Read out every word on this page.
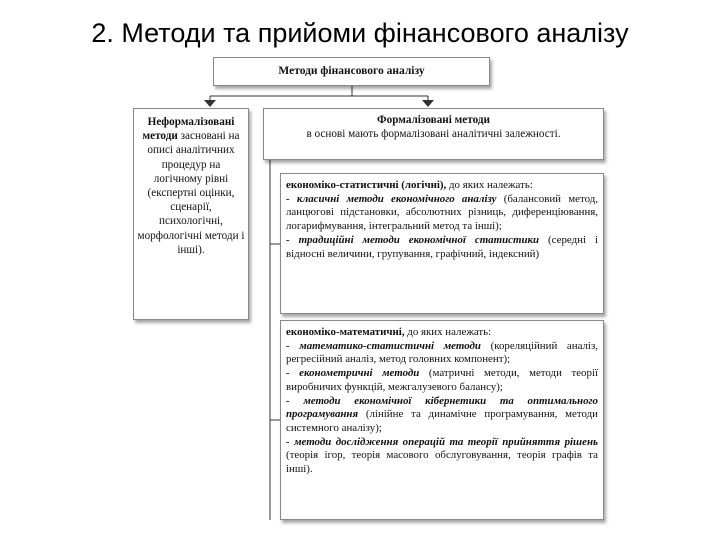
2. Методи та прийоми фінансового аналізу
Методи фінансового аналізу
Неформалізовані методи засновані на описі аналітичних процедур на логічному рівні (експертні оцінки, сценарії, психологічні, морфологічні методи і інші).
Формалізовані методи
в основі мають формалізовані аналітичні залежності.

економіко-статистичні (логічні), до яких належать:

- класичні методи економічного аналізу (балансовий метод, ланцюгові підстановки, абсолютних різниць, диференціювання, логарифмування, інтегральний метод та інші);

- традиційні методи економічної статистики (середні і відносні величини, групування, графічний, індексний)

економіко-математичні, до яких належать:

- математико-статистичні методи (кореляційний аналіз, регресійний аналіз, метод головних компонент);

- економетричні методи (матричні методи, методи теорії виробничих функцій, межгалузевого балансу);

- методи економічної кібернетики та оптимального програмування (лінійне та динамічне програмування, методи системного аналізу);

- методи дослідження операцій та теорії прийняття рішень (теорія ігор, теорія масового обслуговування, теорія графів та інші).
